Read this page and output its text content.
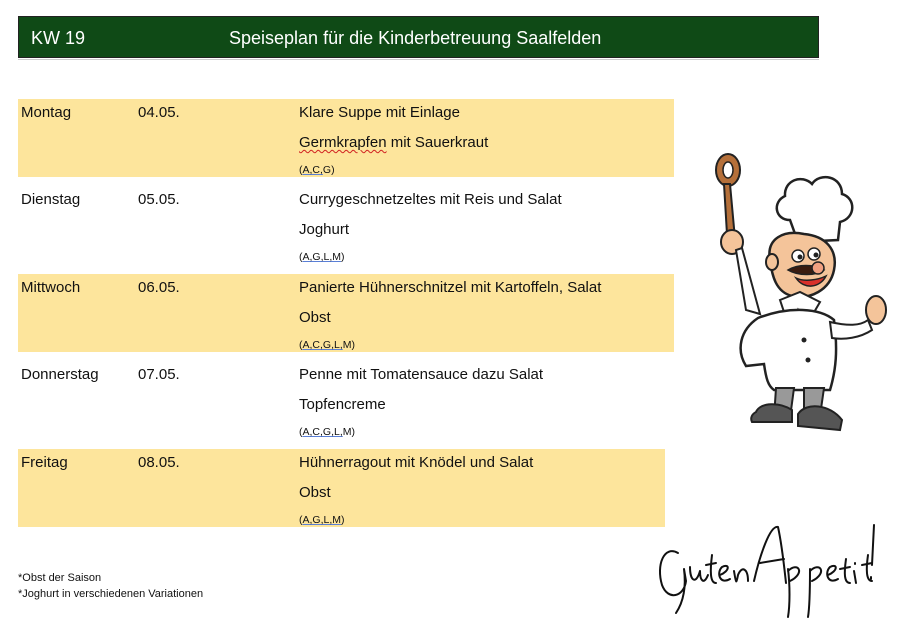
KW 19	Speiseplan für die Kinderbetreuung Saalfelden
Montag	04.05.	Klare Suppe mit Einlage
Germkrapfen mit Sauerkraut
(A,C,G)
Dienstag	05.05.	Currygeschnetzeltes mit Reis und Salat
Joghurt
(A,G,L,M)
Mittwoch	06.05.	Panierte Hühnerschnitzel mit Kartoffeln, Salat
Obst
(A,C,G,L,M)
Donnerstag	07.05.	Penne mit Tomatensauce dazu Salat
Topfencreme
(A,C,G,L,M)
Freitag	08.05.	Hühnerragout mit Knödel und Salat
Obst
(A,G,L,M)
*Obst der Saison
*Joghurt in verschiedenen Variationen
